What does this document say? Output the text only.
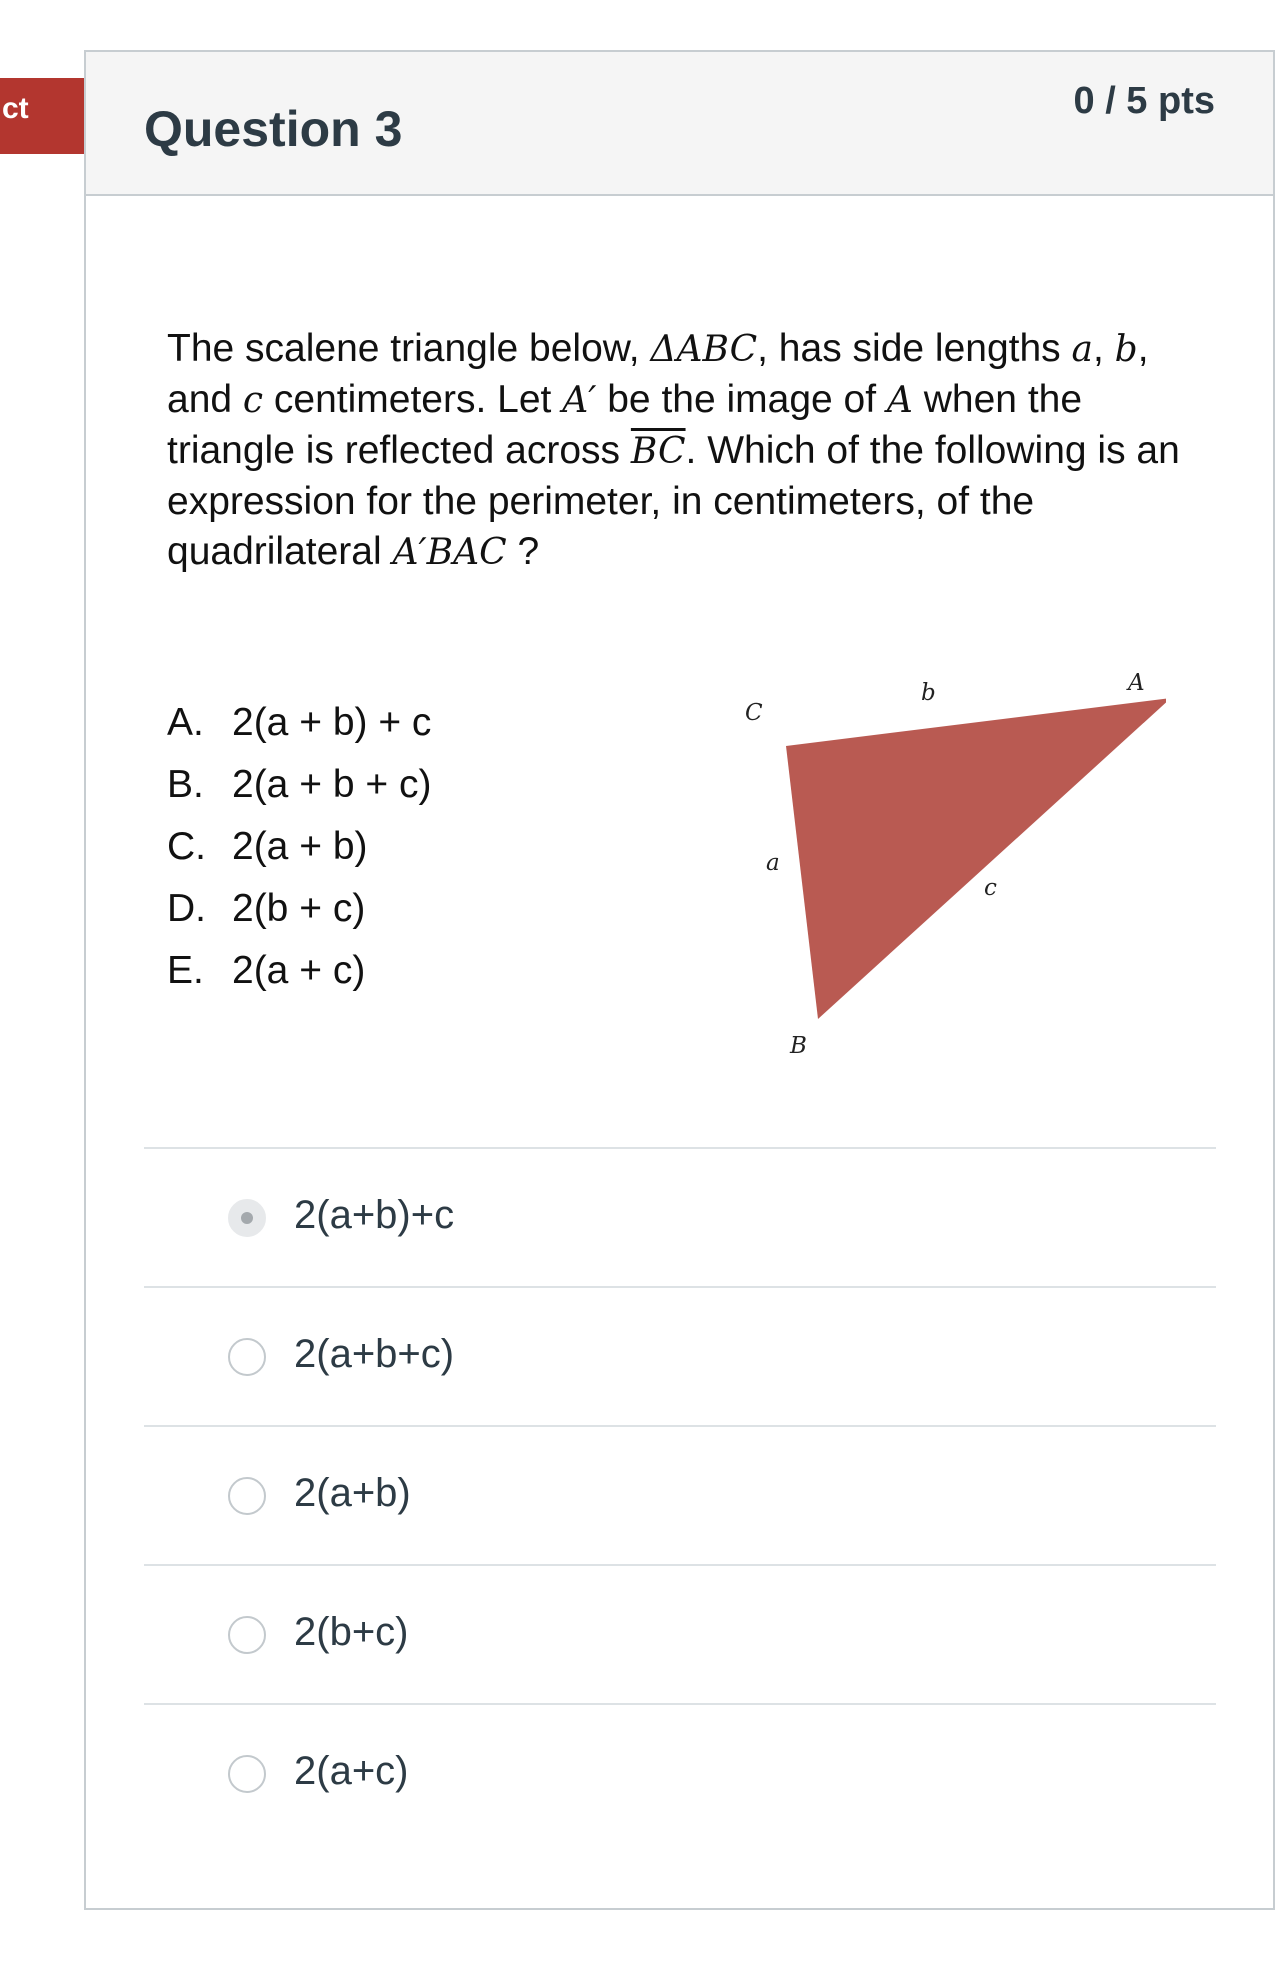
ct Question 3	0 / 5 pts
The scalene triangle below, ΔABC, has side lengths a, b, and c centimeters. Let A′ be the image of A when the triangle is reflected across $\overline{BC}$. Which of the following is an expression for the perimeter, in centimeters, of the quadrilateral A′BAC ?
A. 2(a + b) + c
B. 2(a + b + c)
C. 2(a + b)
D. 2(b + c)
E. 2(a + c)
C
b	A
a
c
B
2(a+b)+c
2(a+b+c)
2(a+b)
2(b+c)
2(a+c)
